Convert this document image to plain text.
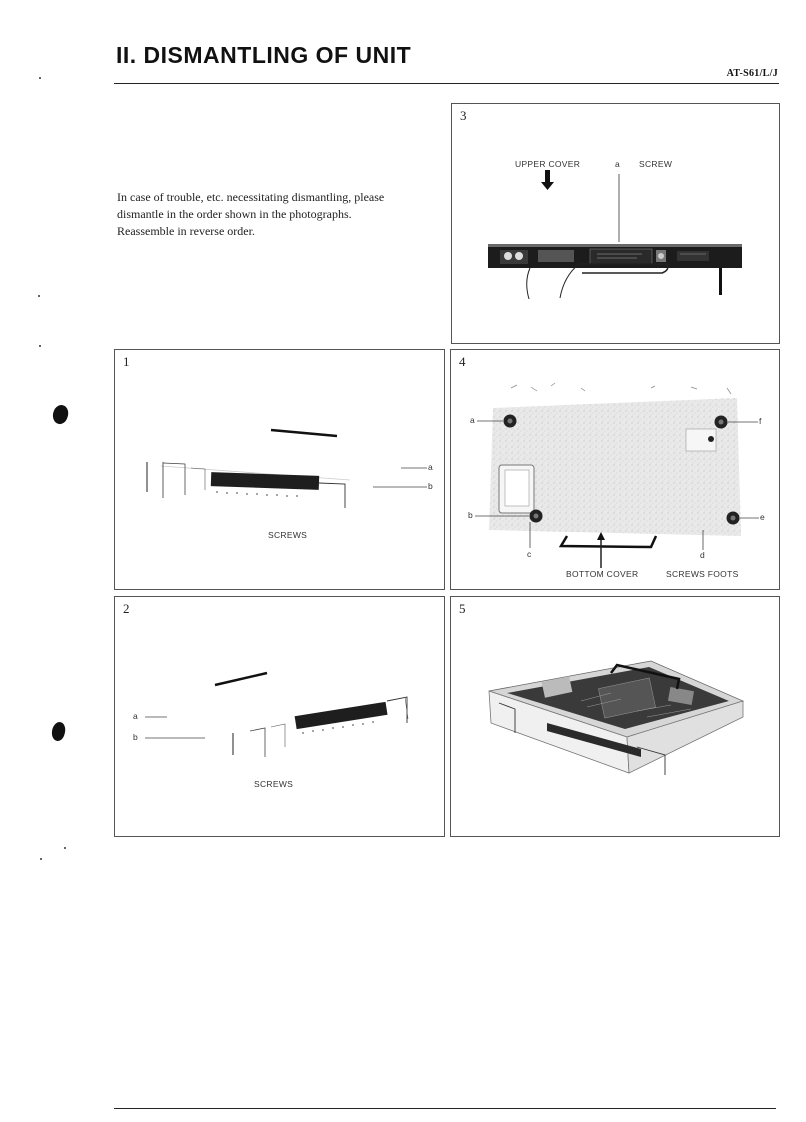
II. DISMANTLING OF UNIT
AT-S61/L/J

In case of trouble, etc. necessitating dismantling, please

dismantle in the order shown in the photographs.

Reassemble in reverse order.

3
UPPER COVER	a SCREW
1
a
b
SCREWS
4
a	f
b	e
c	d
BOTTOM COVER	SCREWS FOOTS
2
a
b
SCREWS
5
